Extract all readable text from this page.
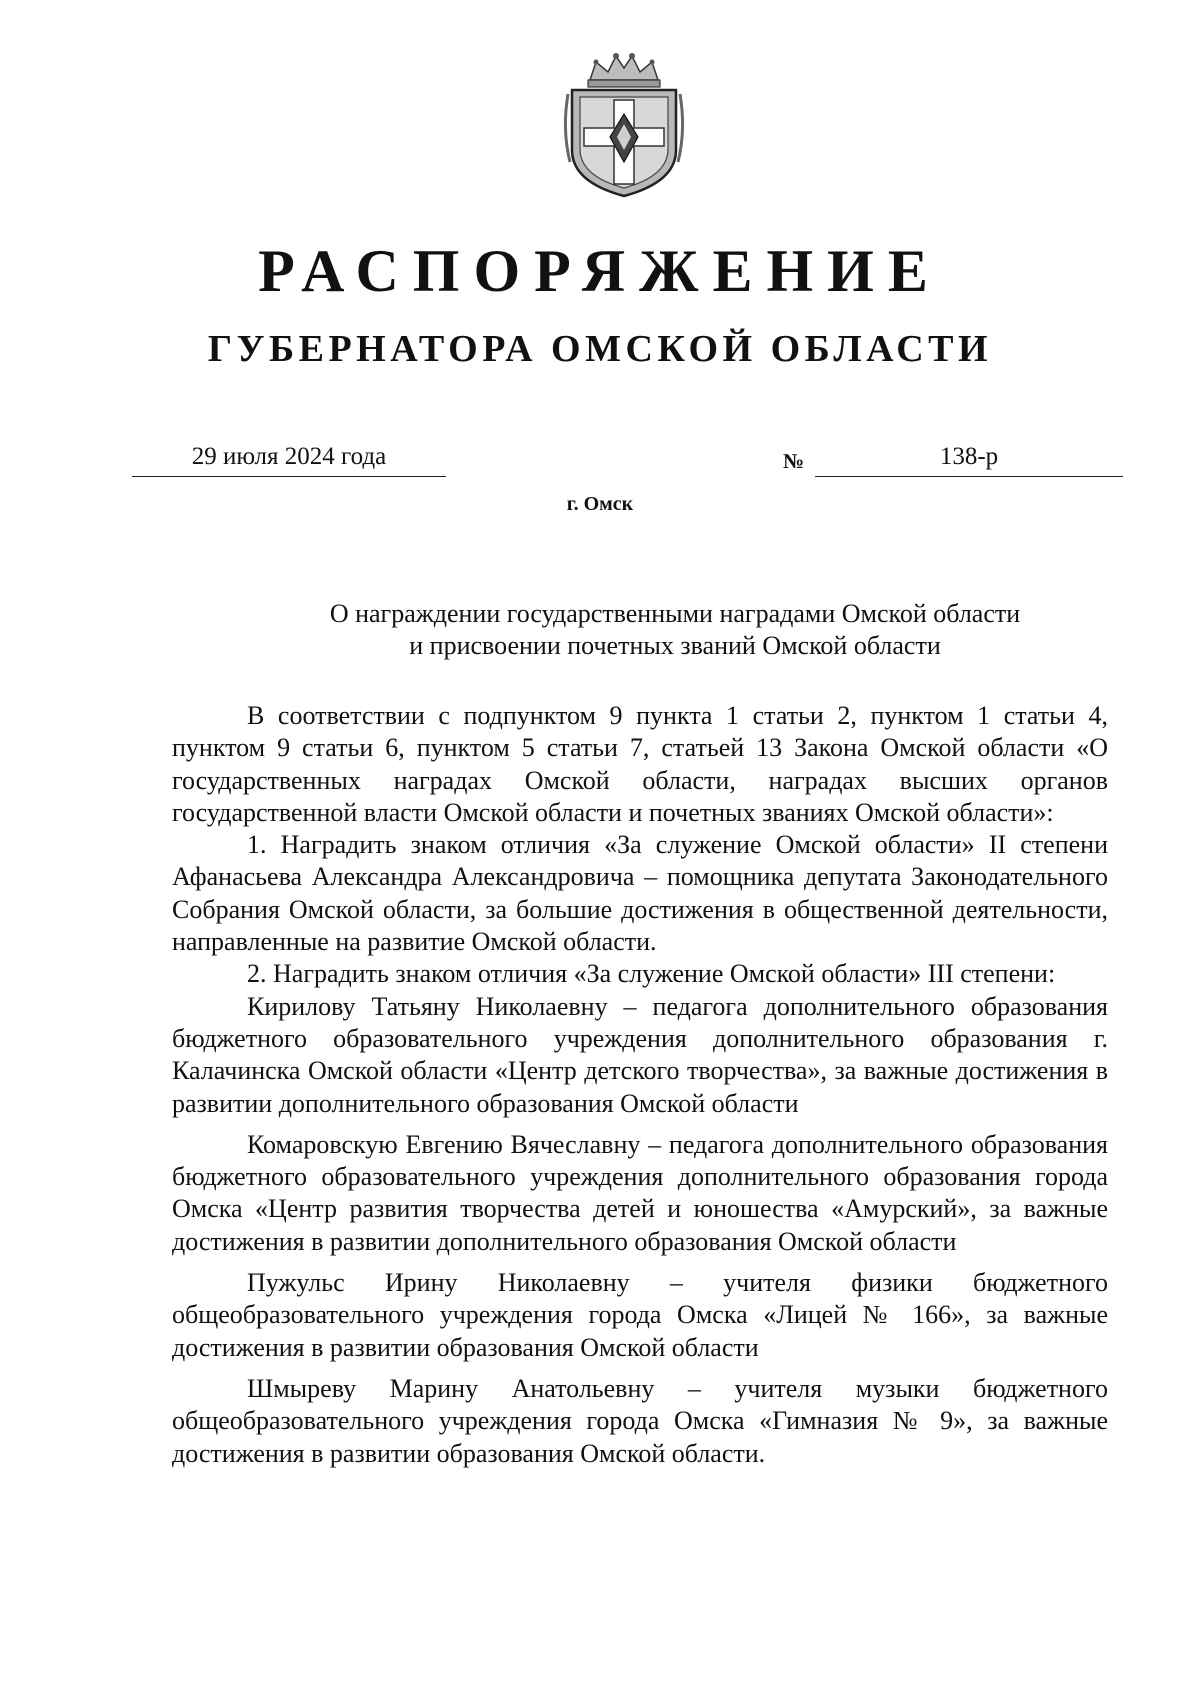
РАСПОРЯЖЕНИЕ
ГУБЕРНАТОРА ОМСКОЙ ОБЛАСТИ
29 июля 2024 года	№	138-р
г. Омск
О награждении государственными наградами Омской области
и присвоении почетных званий Омской области

В соответствии с подпунктом 9 пункта 1 статьи 2, пунктом 1 статьи 4, пунктом 9 статьи 6, пунктом 5 статьи 7, статьей 13 Закона Омской области «О государственных наградах Омской области, наградах высших органов государственной власти Омской области и почетных званиях Омской области»:

1. Наградить знаком отличия «За служение Омской области» II степени Афанасьева Александра Александровича – помощника депутата Законодательного Собрания Омской области, за большие достижения в общественной деятельности, направленные на развитие Омской области.

2. Наградить знаком отличия «За служение Омской области» III степени:

Кирилову Татьяну Николаевну – педагога дополнительного образования бюджетного образовательного учреждения дополнительного образования г. Калачинска Омской области «Центр детского творчества», за важные достижения в развитии дополнительного образования Омской области

Комаровскую Евгению Вячеславну – педагога дополнительного образования бюджетного образовательного учреждения дополнительного образования города Омска «Центр развития творчества детей и юношества «Амурский», за важные достижения в развитии дополнительного образования Омской области

Пужульс Ирину Николаевну – учителя физики бюджетного общеобразовательного учреждения города Омска «Лицей № 166», за важные достижения в развитии образования Омской области

Шмыреву Марину Анатольевну – учителя музыки бюджетного общеобразовательного учреждения города Омска «Гимназия № 9», за важные достижения в развитии образования Омской области.
